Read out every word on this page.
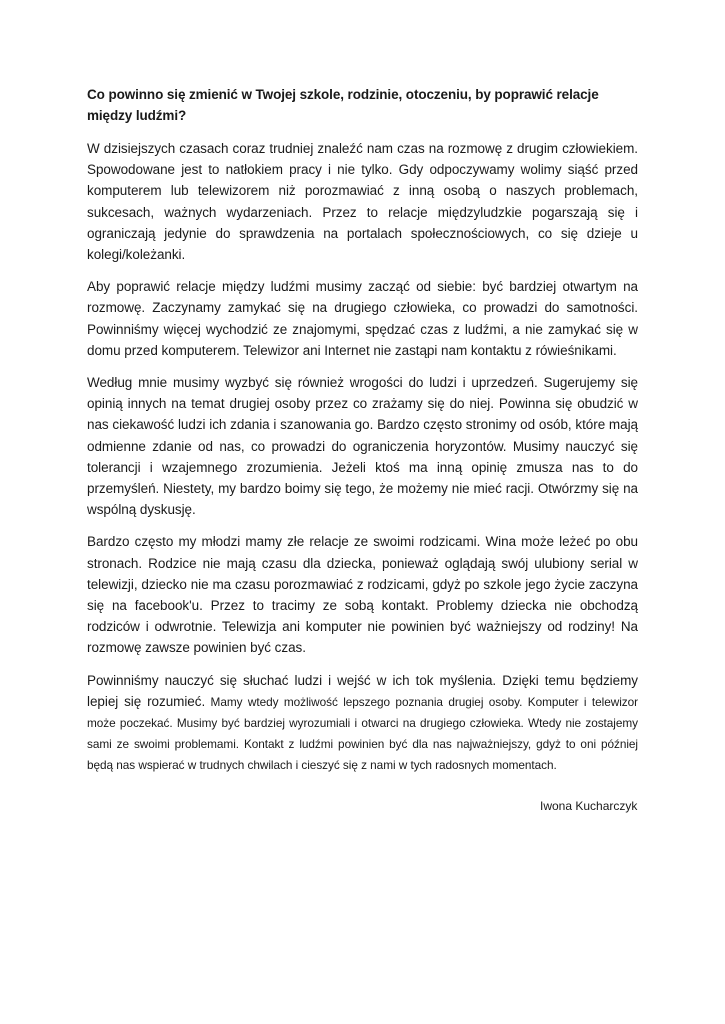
Co powinno się zmienić w Twojej szkole, rodzinie, otoczeniu, by poprawić relacje między ludźmi?

W dzisiejszych czasach coraz trudniej znaleźć nam czas na rozmowę z drugim człowiekiem. Spowodowane jest to natłokiem pracy i nie tylko. Gdy odpoczywamy wolimy siąść przed komputerem lub telewizorem niż porozmawiać z inną osobą o naszych problemach, sukcesach, ważnych wydarzeniach. Przez to relacje międzyludzkie pogarszają się i ograniczają jedynie do sprawdzenia na portalach społecznościowych, co się dzieje u kolegi/koleżanki.

Aby poprawić relacje między ludźmi musimy zacząć od siebie: być bardziej otwartym na rozmowę. Zaczynamy zamykać się na drugiego człowieka, co prowadzi do samotności. Powinniśmy więcej wychodzić ze znajomymi, spędzać czas z ludźmi, a nie zamykać się w domu przed komputerem. Telewizor ani Internet nie zastąpi nam kontaktu z rówieśnikami.

Według mnie musimy wyzbyć się również wrogości do ludzi i uprzedzeń. Sugerujemy się opinią innych na temat drugiej osoby przez co zrażamy się do niej. Powinna się obudzić w nas ciekawość ludzi ich zdania i szanowania go. Bardzo często stronimy od osób, które mają odmienne zdanie od nas, co prowadzi do ograniczenia horyzontów. Musimy nauczyć się tolerancji i wzajemnego zrozumienia. Jeżeli ktoś ma inną opinię zmusza nas to do przemyśleń. Niestety, my bardzo boimy się tego, że możemy nie mieć racji. Otwórzmy się na wspólną dyskusję.

Bardzo często my młodzi mamy złe relacje ze swoimi rodzicami. Wina może leżeć po obu stronach. Rodzice nie mają czasu dla dziecka, ponieważ oglądają swój ulubiony serial w telewizji, dziecko nie ma czasu porozmawiać z rodzicami, gdyż po szkole jego życie zaczyna się na facebook'u. Przez to tracimy ze sobą kontakt. Problemy dziecka nie obchodzą rodziców i odwrotnie. Telewizja ani komputer nie powinien być ważniejszy od rodziny! Na rozmowę zawsze powinien być czas.

Powinniśmy nauczyć się słuchać ludzi i wejść w ich tok myślenia. Dzięki temu będziemy lepiej się rozumieć. Mamy wtedy możliwość lepszego poznania drugiej osoby. Komputer i telewizor może poczekać. Musimy być bardziej wyrozumiali i otwarci na drugiego człowieka. Wtedy nie zostajemy sami ze swoimi problemami. Kontakt z ludźmi powinien być dla nas najważniejszy, gdyż to oni później będą nas wspierać w trudnych chwilach i cieszyć się z nami w tych radosnych momentach.

Iwona Kucharczyk
